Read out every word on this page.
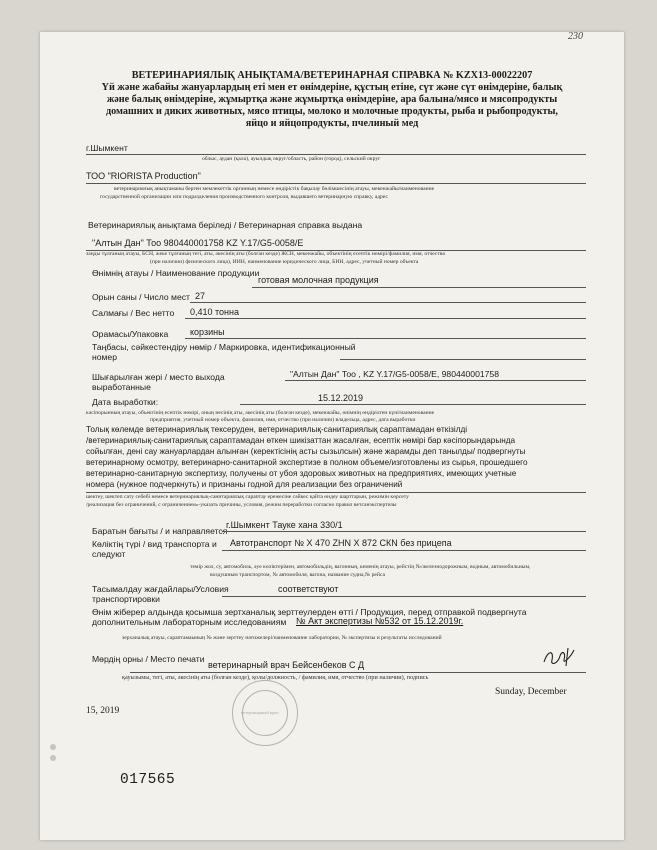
230
ВЕТЕРИНАРИЯЛЫҚ АНЫҚТАМА/ВЕТЕРИНАРНАЯ СПРАВКА № KZX13-00022207
Үй және жабайы жануарлардың еті мен ет өнімдеріне, құстың етіне, сүт және сүт өнімдеріне, балық
және балық өнімдеріне, жұмыртқа және жұмыртқа өнімдеріне, ара балына/мясо и мясопродукты
домашних и диких животных, мясо птицы, молоко и молочные продукты, рыба и рыбопродукты,
яйцо и яйцопродукты, пчелиный мед
г.Шымкент
облыс, аудан (қала), ауылдық округ/область, район (город), сельский округ
ТОО "RIORISTA Production"
ветеринариялық анықтаманы берген мемлекеттік органның немесе өндірістік бақылау бөлімшесінің атауы, мекенжайы/наименование
государственной организации или подразделения производственного контроля, выдавшего ветеринарную справку, адрес
Ветеринариялық анықтама беріледі / Ветеринарная справка выдана
"Алтын Дан" Тоо 980440001758 KZ Y.17/G5-0058/E
заңды тұлғаның атауы, БСН, жеке тұлғаның тегі, аты, әкесінің аты (болған кезде) ЖСН, мекенжайы, объектінің есептік нөмірі/фамилия, имя, отчество
(при наличии) физического лица), ИИН, наименование юридического лица, БИН, адрес, учетный номер объекта
Өнімнің атауы / Наименование продукции
готовая молочная продукция
Орын саны / Число мест 27
Салмағы / Вес нетто 0,410 тонна
Орамасы/Упаковка корзины
Таңбасы, сәйкестендіру нөмір / Маркировка, идентификационный
номер
Шығарылған жері / место выхода
выработанные
"Алтын Дан" Тоо , KZ Y.17/G5-0058/E, 980440001758
Дата выработки:	15.12.2019
кәсіпорынның атауы, объектінің есептік нөмірі, оның несінің аты, әкесінің аты (болған кезде), мекенжайы, өнімнің өндірілген күні/наименование
предприятия, учетный номер объекта, фамилия, имя, отчество (при наличии) владельца, адрес, дата выработки
Толық көлемде ветеринариялық тексеруден, ветеринариялық-санитариялық сараптамадан өткізілді
/ветеринариялық-санитариялық сараптамадан өткен шикізаттан жасалған, есептік нөмірі бар кәсіпорындарында
сойылған, дені сау жануарлардан алынған (керектісінің асты сызылсын) және жарамды деп танылды/ подвергнуты
ветеринарному осмотру, ветеринарно-санитарной экспертизе в полном объеме/изготовлены из сырья, прошедшего
ветеринарно-санитарную экспертизу, получены от убоя здоровых животных на предприятиях, имеющих учетные
номера (нужное подчеркнуть) и признаны годной для реализации без ограничений
шектеу, шектеп сату себебі немесе ветеринариялық-санитариялық сараптау ережесіне сәйкес қайта өндеу шарттарын, режимін көрсету
/реализация без ограничений, с ограничением»-указать причины, условия, режим переработки согласно правил ветсанэкспертизы
Баратын бағыты / и направляется
г.Шымкент Тауке хана 330/1
Көліктің түрі / вид транспорта и
следуют
Автотранспорт № Х 470 ZHN Х 872 СКN без прицепа
темір жол, су, автомобиль, әуе көліктерімен, автомобильдің, вагонның, кеменің атауы, рейстің №/железнодорожным, водным, автомобильным,
воздушным транспортом, № автомобиля, вагона, название судна,№ рейса
Тасымалдау жағдайлары/Условия
транспортировки
соответствуют
Өнім жіберер алдында қосымша зертханалық зерттеулерден өтті / Продукция, перед отправкой подвергнута
дополнительным лабораторным исследованиям № Акт экспертизы №532 от 15.12.2019г.
зерханалық атауы, сараптамаының № және зерттеу нәтижелері/наименование лаборатории, № экспертизы и результаты исследований
Мөрдің орны / Место печати
ветеринарный врач Бейсенбеков С Д
қауызымы, тегі, аты, әкесінің аты (болған кезде), қолы/должность, / фамилия, имя, отчество (при наличии), подпись
ветеринарный врач
Sunday, December
15, 2019
017565
